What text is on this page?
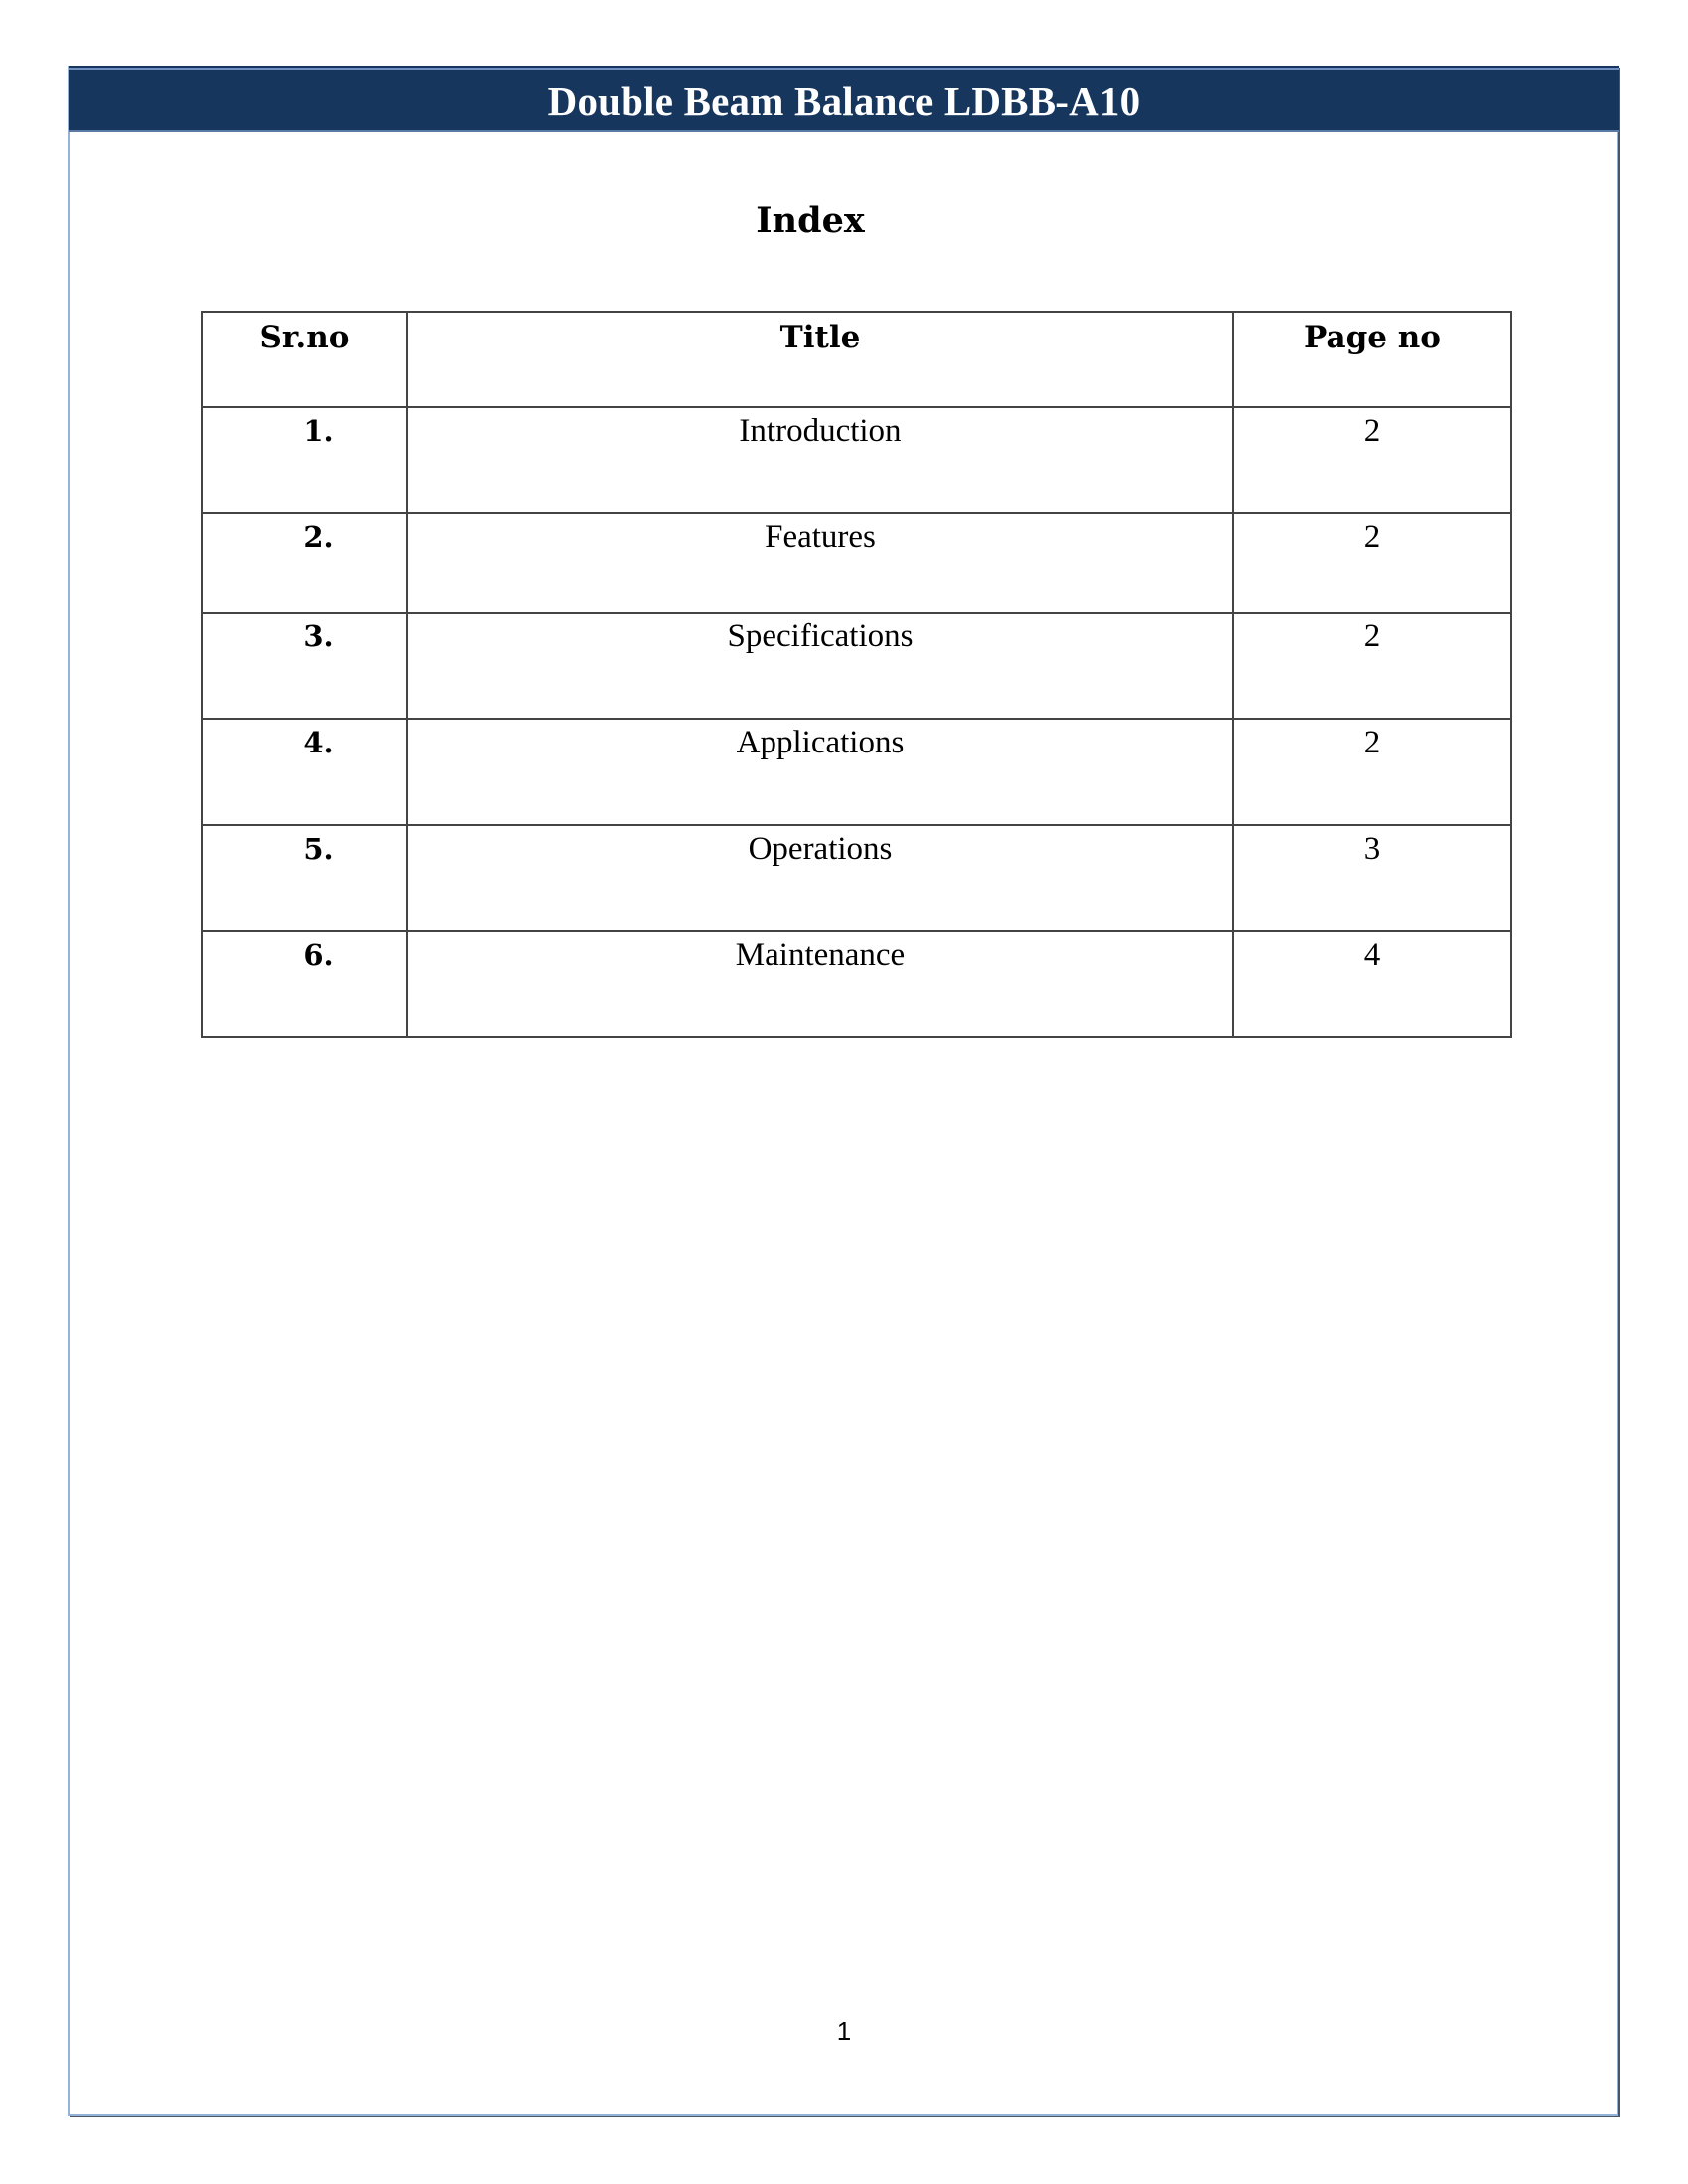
Double Beam Balance LDBB-A10
Index
Sr.no	Title	Page no
1.	Introduction	2
2.	Features	2
3.	Specifications	2
4.	Applications	2
5.	Operations	3
6.	Maintenance	4
1
